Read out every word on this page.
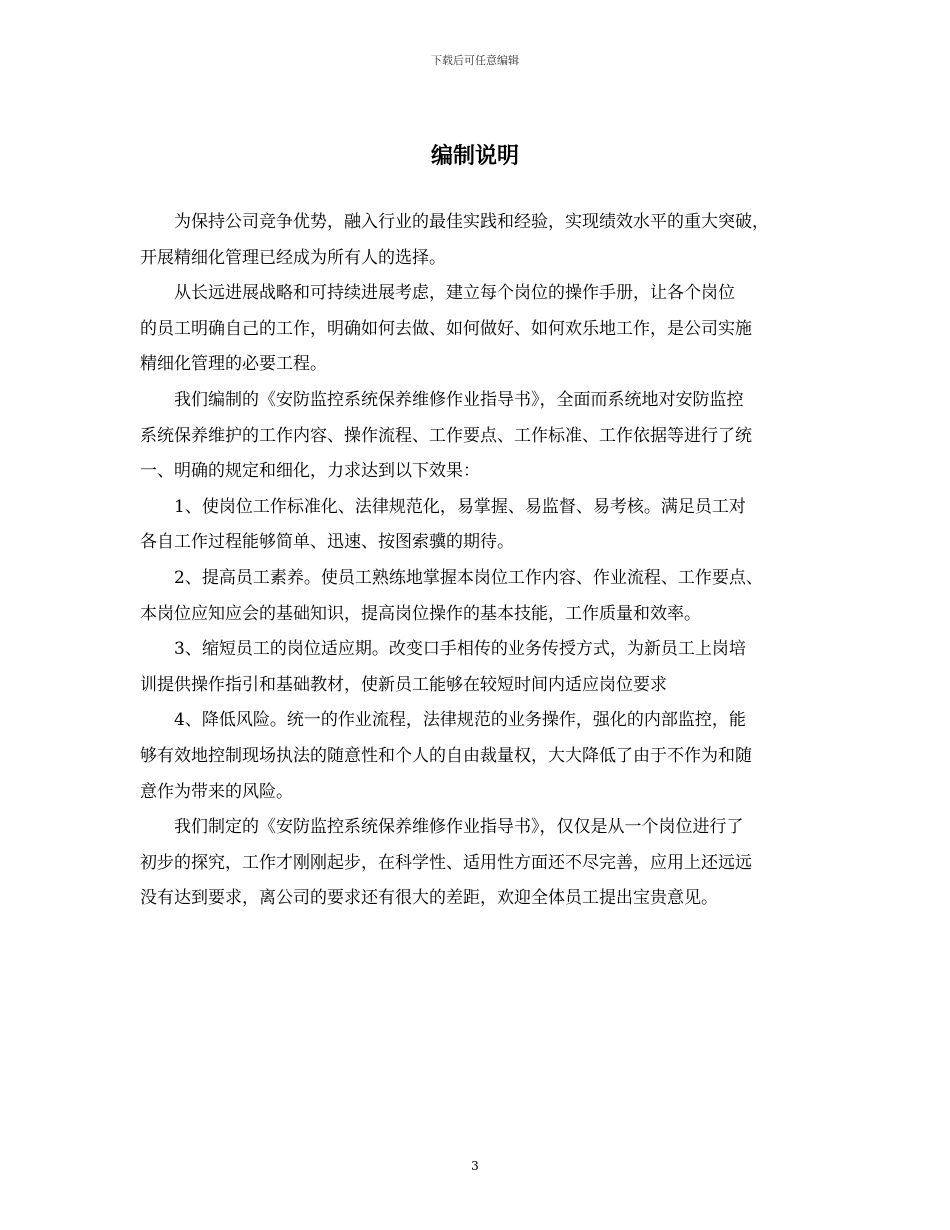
下载后可任意编辑
编制说明

为保持公司竞争优势，融入行业的最佳实践和经验，实现绩效水平的重大突破，
开展精细化管理已经成为所有人的选择。

从长远进展战略和可持续进展考虑，建立每个岗位的操作手册，让各个岗位
的员工明确自己的工作，明确如何去做、如何做好、如何欢乐地工作，是公司实施
精细化管理的必要工程。

我们编制的《安防监控系统保养维修作业指导书》，全面而系统地对安防监控
系统保养维护的工作内容、操作流程、工作要点、工作标准、工作依据等进行了统
一、明确的规定和细化，力求达到以下效果：

1、使岗位工作标准化、法律规范化，易掌握、易监督、易考核。满足员工对
各自工作过程能够简单、迅速、按图索骥的期待。

2、提高员工素养。使员工熟练地掌握本岗位工作内容、作业流程、工作要点、
本岗位应知应会的基础知识，提高岗位操作的基本技能，工作质量和效率。

3、缩短员工的岗位适应期。改变口手相传的业务传授方式，为新员工上岗培
训提供操作指引和基础教材，使新员工能够在较短时间内适应岗位要求

4、降低风险。统一的作业流程，法律规范的业务操作，强化的内部监控，能
够有效地控制现场执法的随意性和个人的自由裁量权，大大降低了由于不作为和随
意作为带来的风险。

我们制定的《安防监控系统保养维修作业指导书》，仅仅是从一个岗位进行了
初步的探究，工作才刚刚起步，在科学性、适用性方面还不尽完善，应用上还远远
没有达到要求，离公司的要求还有很大的差距，欢迎全体员工提出宝贵意见。

3
